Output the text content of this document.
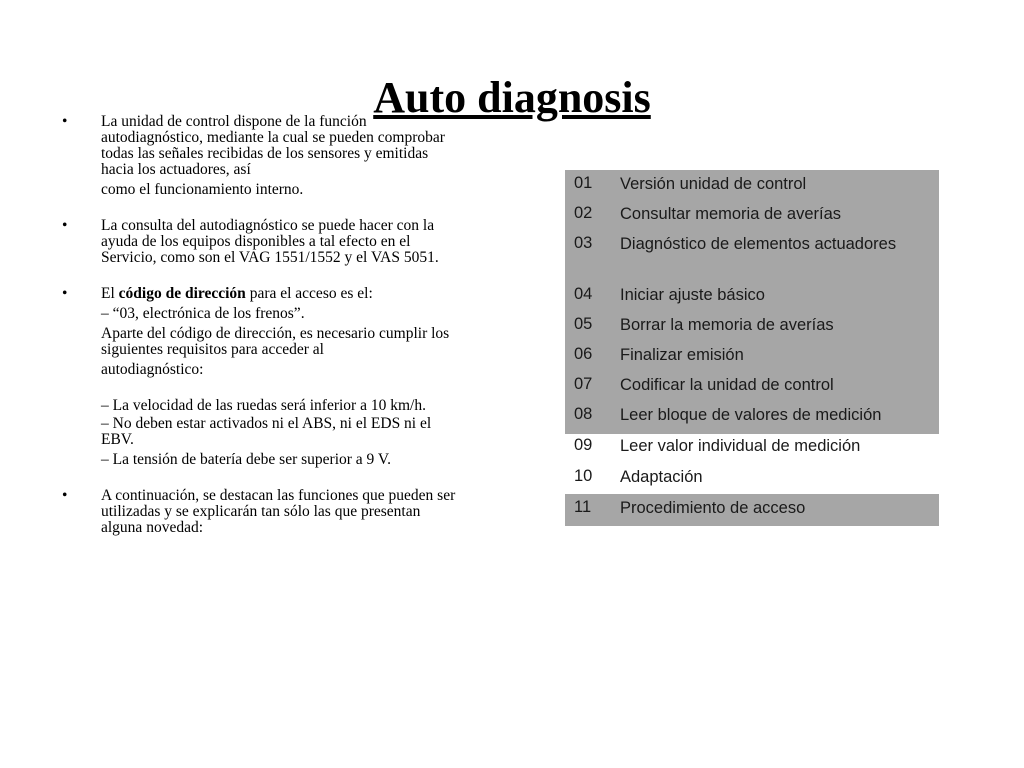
Auto diagnosis
• La unidad de control dispone de la función
autodiagnóstico, mediante la cual se pueden comprobar
todas las señales recibidas de los sensores y emitidas
hacia los actuadores, así
como el funcionamiento interno.
• La consulta del autodiagnóstico se puede hacer con la
ayuda de los equipos disponibles a tal efecto en el
Servicio, como son el VAG 1551/1552 y el VAS 5051.
• El código de dirección para el acceso es el:
– “03, electrónica de los frenos”.
Aparte del código de dirección, es necesario cumplir los
siguientes requisitos para acceder al
autodiagnóstico:
– La velocidad de las ruedas será inferior a 10 km/h.
– No deben estar activados ni el ABS, ni el EDS ni el
EBV.
– La tensión de batería debe ser superior a 9 V.
• A continuación, se destacan las funciones que pueden ser
utilizadas y se explicarán tan sólo las que presentan
alguna novedad:
01 Versión unidad de control
02 Consultar memoria de averías
03 Diagnóstico de elementos actuadores
04 Iniciar ajuste básico
05 Borrar la memoria de averías
06 Finalizar emisión
07 Codificar la unidad de control
08 Leer bloque de valores de medición
09 Leer valor individual de medición
10 Adaptación
11 Procedimiento de acceso
